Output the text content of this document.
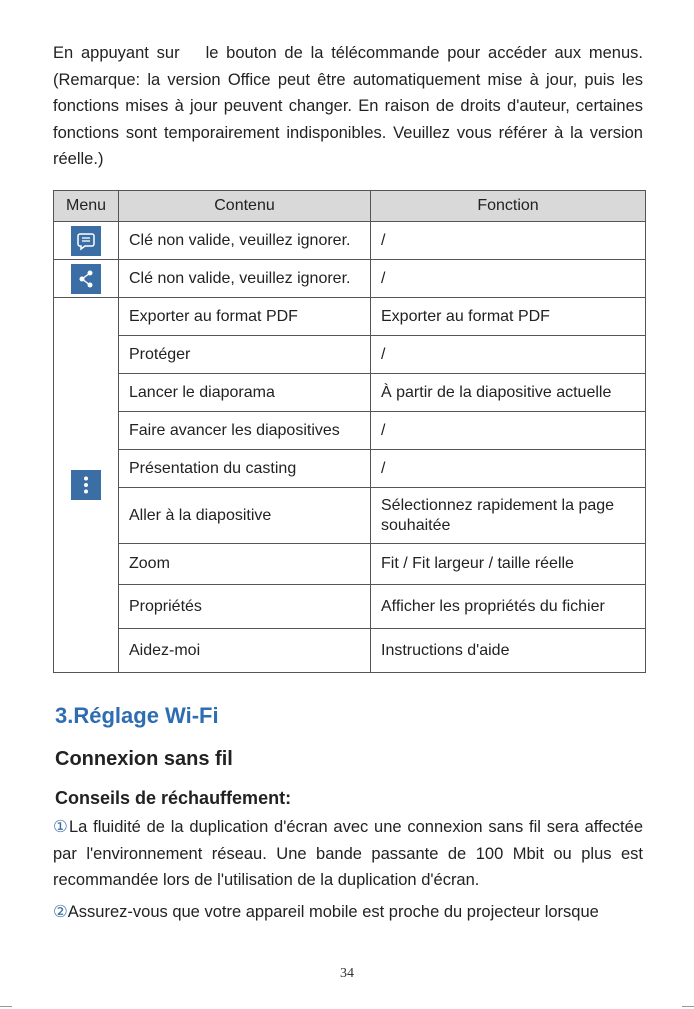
En appuyant sur le bouton de la télécommande pour accéder aux menus. (Remarque: la version Office peut être automatiquement mise à jour, puis les fonctions mises à jour peuvent changer. En raison de droits d'auteur, certaines fonctions sont temporairement indisponibles. Veuillez vous référer à la version réelle.)
Menu	Contenu	Fonction

	Clé non valide, veuillez ignorer.	/

	Clé non valide, veuillez ignorer.	/

	Exporter au format PDF	Exporter au format PDF
	Protéger	/
	Lancer le diaporama	À partir de la diapositive actuelle
	Faire avancer les diapositives	/
	Présentation du casting	/
	Aller à la diapositive	Sélectionnez rapidement la page souhaitée
	Zoom	Fit / Fit largeur / taille réelle
	Propriétés	Afficher les propriétés du fichier
	Aidez-moi	Instructions d'aide
3.Réglage Wi-Fi
Connexion sans fil
Conseils de réchauffement:
①La fluidité de la duplication d'écran avec une connexion sans fil sera affectée par l'environnement réseau. Une bande passante de 100 Mbit ou plus est recommandée lors de l'utilisation de la duplication d'écran.
②Assurez-vous que votre appareil mobile est proche du projecteur lorsque
34
